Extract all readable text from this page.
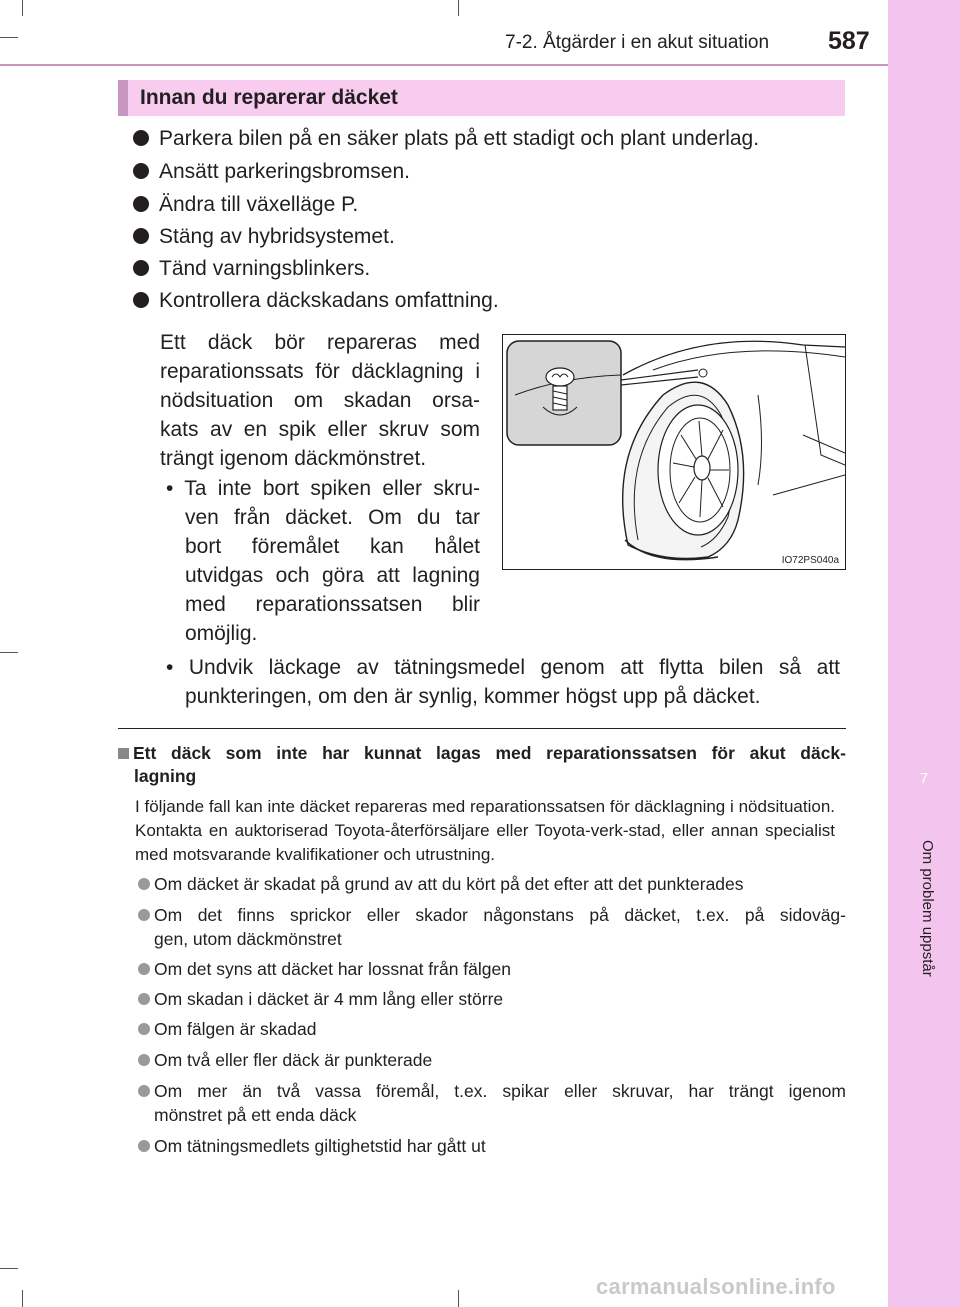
7-2. Åtgärder i en akut situation 587
7
Om problem uppstår
Innan du reparerar däcket
Parkera bilen på en säker plats på ett stadigt och plant underlag.
Ansätt parkeringsbromsen.
Ändra till växelläge P.
Stäng av hybridsystemet.
Tänd varningsblinkers.
Kontrollera däckskadans omfattning.
Ett däck bör repareras med
reparationssats för däcklagning i
nödsituation om skadan orsa-
kats av en spik eller skruv som
trängt igenom däckmönstret.
• Ta inte bort spiken eller skru-
ven från däcket. Om du tar
bort föremålet kan hålet
utvidgas och göra att lagning
med reparationssatsen blir
omöjlig.
• Undvik läckage av tätningsmedel genom att flytta bilen så att
punkteringen, om den är synlig, kommer högst upp på däcket.
IO72PS040a
Ett däck som inte har kunnat lagas med reparationssatsen för akut däck-
lagning
I följande fall kan inte däcket repareras med reparationssatsen för däcklagning i nödsituation. Kontakta en auktoriserad Toyota-återförsäljare eller Toyota-verk-stad, eller annan specialist med motsvarande kvalifikationer och utrustning.
Om däcket är skadat på grund av att du kört på det efter att det punkterades
Om det finns sprickor eller skador någonstans på däcket, t.ex. på sidoväg-
gen, utom däckmönstret
Om det syns att däcket har lossnat från fälgen
Om skadan i däcket är 4 mm lång eller större
Om fälgen är skadad
Om två eller fler däck är punkterade
Om mer än två vassa föremål, t.ex. spikar eller skruvar, har trängt igenom
mönstret på ett enda däck
Om tätningsmedlets giltighetstid har gått ut
carmanualsonline.info
